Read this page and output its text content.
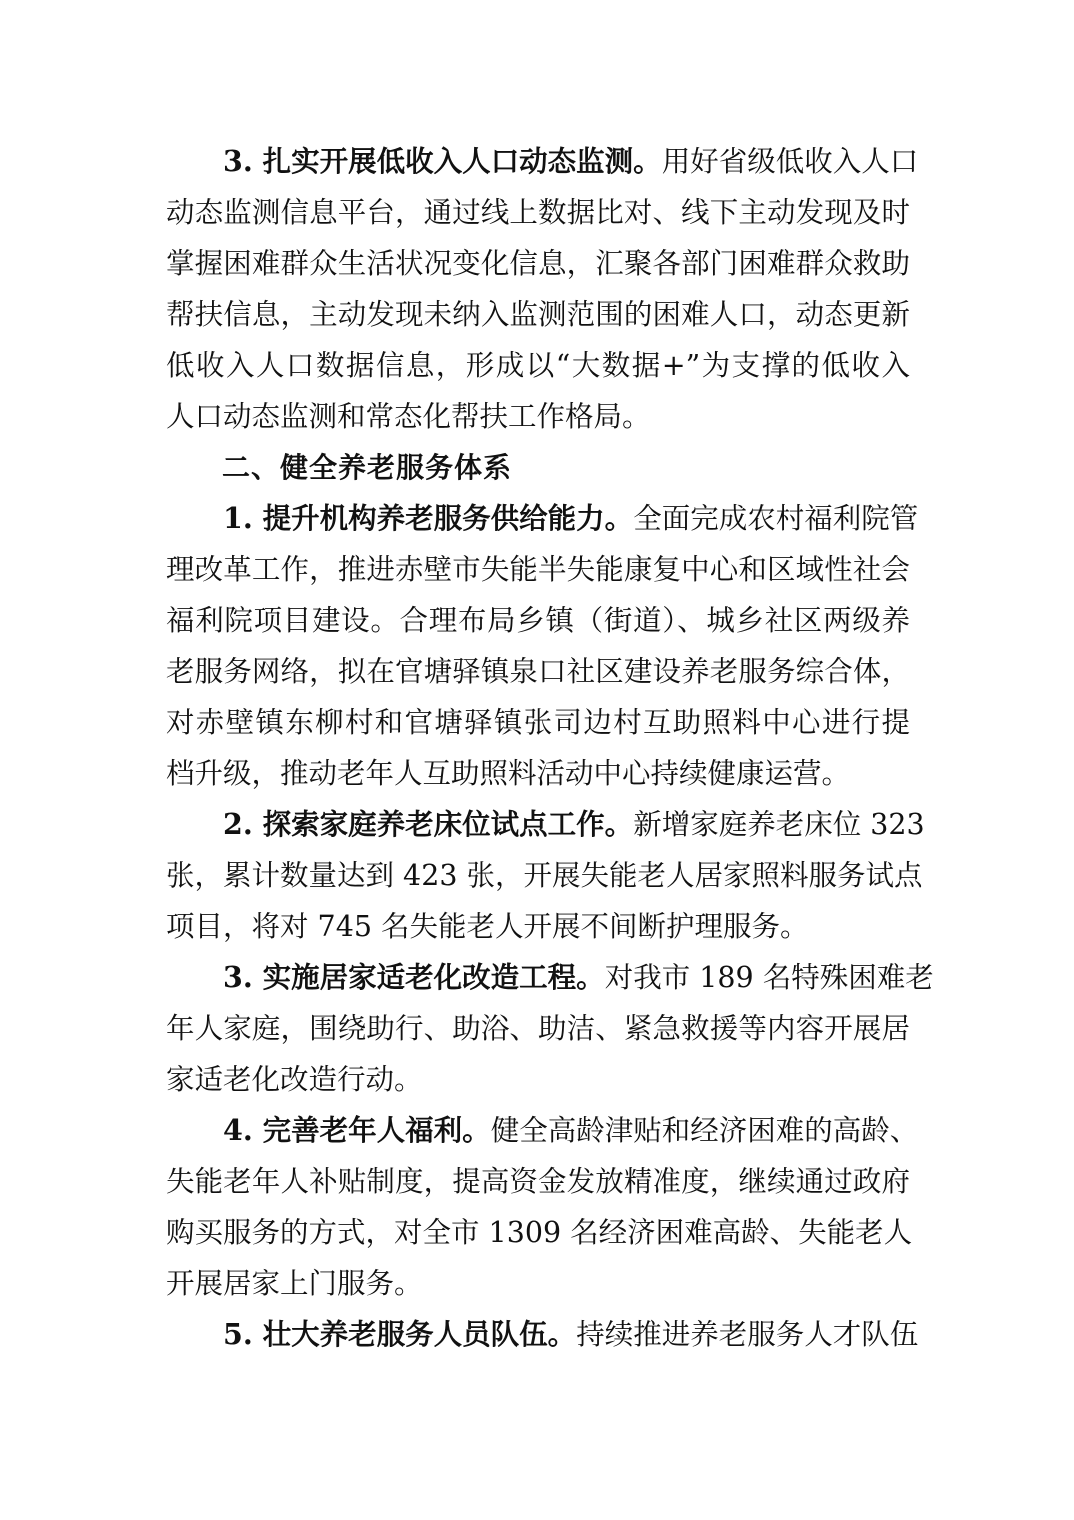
3. 扎实开展低收入人口动态监测。用好省级低收入人口
动态监测信息平台，通过线上数据比对、线下主动发现及时
掌握困难群众生活状况变化信息，汇聚各部门困难群众救助
帮扶信息，主动发现未纳入监测范围的困难人口，动态更新
低收入人口数据信息，形成以“大数据+”为支撑的低收入
人口动态监测和常态化帮扶工作格局。
二、健全养老服务体系
1. 提升机构养老服务供给能力。全面完成农村福利院管
理改革工作，推进赤壁市失能半失能康复中心和区域性社会
福利院项目建设。合理布局乡镇（街道）、城乡社区两级养
老服务网络，拟在官塘驿镇泉口社区建设养老服务综合体，
对赤壁镇东柳村和官塘驿镇张司边村互助照料中心进行提
档升级，推动老年人互助照料活动中心持续健康运营。
2. 探索家庭养老床位试点工作。新增家庭养老床位 323
张，累计数量达到 423 张，开展失能老人居家照料服务试点
项目，将对 745 名失能老人开展不间断护理服务。
3. 实施居家适老化改造工程。对我市 189 名特殊困难老
年人家庭，围绕助行、助浴、助洁、紧急救援等内容开展居
家适老化改造行动。
4. 完善老年人福利。健全高龄津贴和经济困难的高龄、
失能老年人补贴制度，提高资金发放精准度，继续通过政府
购买服务的方式，对全市 1309 名经济困难高龄、失能老人
开展居家上门服务。
5. 壮大养老服务人员队伍。持续推进养老服务人才队伍
